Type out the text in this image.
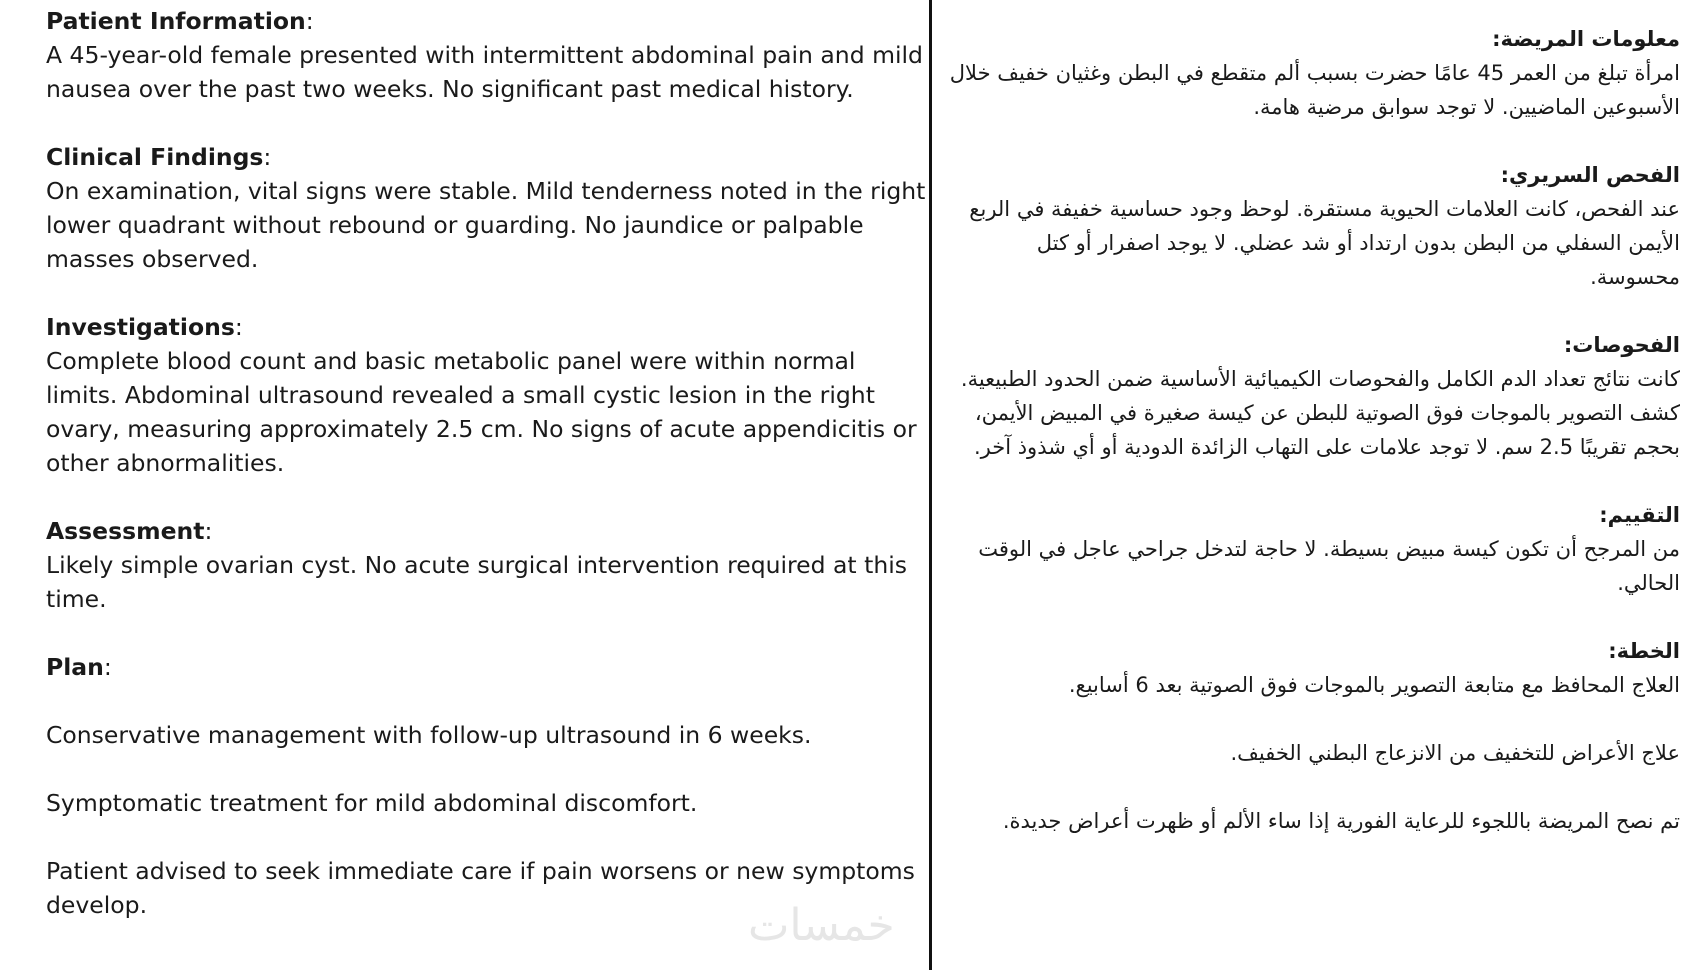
Patient Information:

A 45-year-old female presented with intermittent abdominal pain and mild nausea over the past two weeks. No significant past medical history.

Clinical Findings:

On examination, vital signs were stable. Mild tenderness noted in the right lower quadrant without rebound or guarding. No jaundice or palpable masses observed.

Investigations:

Complete blood count and basic metabolic panel were within normal limits. Abdominal ultrasound revealed a small cystic lesion in the right ovary, measuring approximately 2.5 cm. No signs of acute appendicitis or other abnormalities.

Assessment:

Likely simple ovarian cyst. No acute surgical intervention required at this time.

Plan:

Conservative management with follow-up ultrasound in 6 weeks.

Symptomatic treatment for mild abdominal discomfort.

Patient advised to seek immediate care if pain worsens or new symptoms develop.

معلومات المريضة:

امرأة تبلغ من العمر 45 عامًا حضرت بسبب ألم متقطع في البطن وغثيان خفيف خلال الأسبوعين الماضيين. لا توجد سوابق مرضية هامة.

الفحص السريري:

عند الفحص، كانت العلامات الحيوية مستقرة. لوحظ وجود حساسية خفيفة في الربع الأيمن السفلي من البطن بدون ارتداد أو شد عضلي. لا يوجد اصفرار أو كتل محسوسة.

الفحوصات:

كانت نتائج تعداد الدم الكامل والفحوصات الكيميائية الأساسية ضمن الحدود الطبيعية. كشف التصوير بالموجات فوق الصوتية للبطن عن كيسة صغيرة في المبيض الأيمن، بحجم تقريبًا 2.5 سم. لا توجد علامات على التهاب الزائدة الدودية أو أي شذوذ آخر.

التقييم:

من المرجح أن تكون كيسة مبيض بسيطة. لا حاجة لتدخل جراحي عاجل في الوقت الحالي.

الخطة:

العلاج المحافظ مع متابعة التصوير بالموجات فوق الصوتية بعد 6 أسابيع.

علاج الأعراض للتخفيف من الانزعاج البطني الخفيف.

تم نصح المريضة باللجوء للرعاية الفورية إذا ساء الألم أو ظهرت أعراض جديدة.

خمسات
